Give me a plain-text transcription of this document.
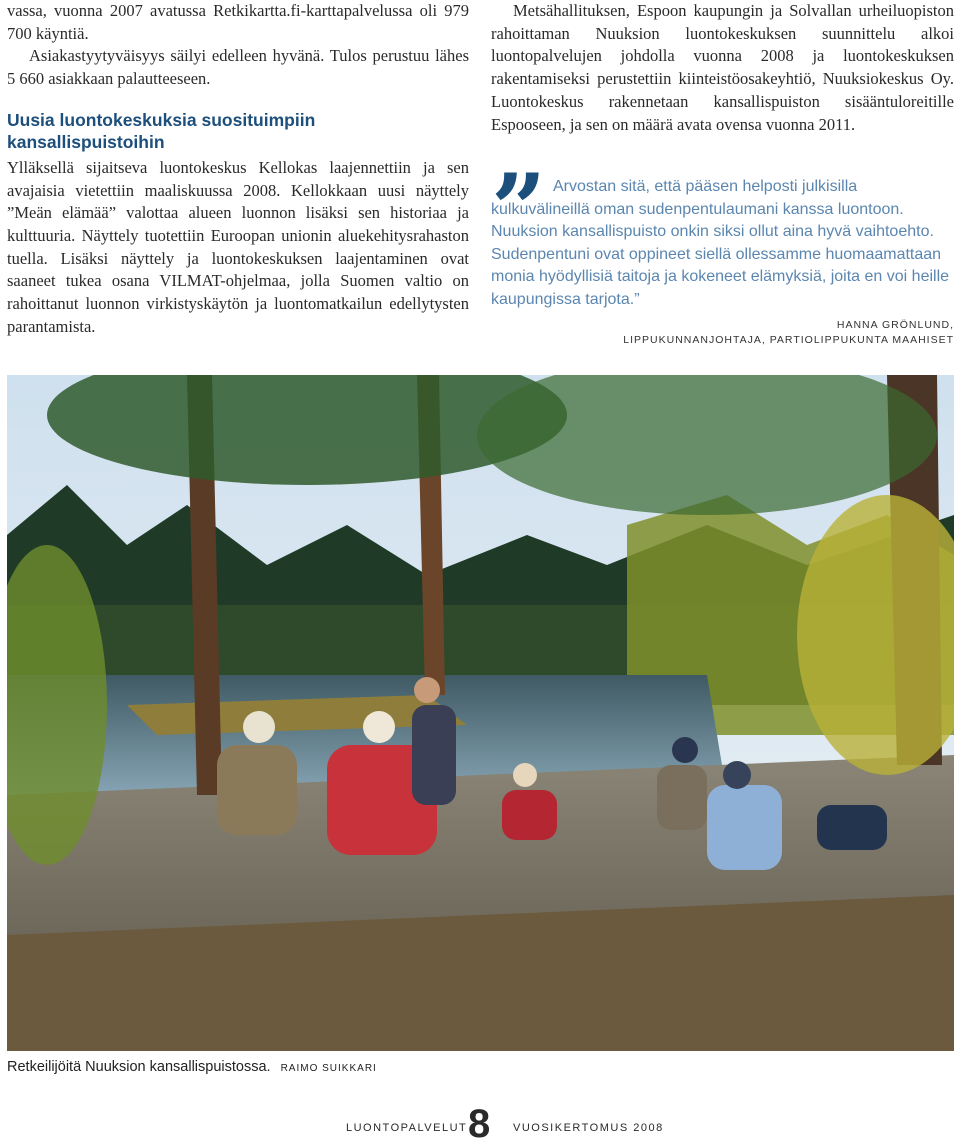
vassa, vuonna 2007 avatussa Retkikartta.fi-karttapalvelussa oli 979 700 käyntiä.

Asiakastyytyväisyys säilyi edelleen hyvänä. Tulos perustuu lähes 5 660 asiakkaan palautteeseen.

Uusia luontokeskuksia suosituimpiin kansallispuistoihin

Ylläksellä sijaitseva luontokeskus Kellokas laajennettiin ja sen avajaisia vietettiin maaliskuussa 2008. Kellokkaan uusi näyttely ”Meän elämää” valottaa alueen luonnon lisäksi sen historiaa ja kulttuuria. Näyttely tuotettiin Euroopan unionin aluekehitysrahaston tuella. Lisäksi näyttely ja luontokeskuksen laajentaminen ovat saaneet tukea osana VILMAT-ohjelmaa, jolla Suomen valtio on rahoittanut luonnon virkistyskäytön ja luontomatkailun edellytysten parantamista.

Metsähallituksen, Espoon kaupungin ja Solvallan urheiluopiston rahoittaman Nuuksion luontokeskuksen suunnittelu alkoi luontopalvelujen johdolla vuonna 2008 ja luontokeskuksen rakentamiseksi perustettiin kiinteistöosakeyhtiö, Nuuksiokeskus Oy. Luontokeskus rakennetaan kansallispuiston sisääntuloreitille Espooseen, ja sen on määrä avata ovensa vuonna 2011.

” Arvostan sitä, että pääsen helposti julkisilla kulkuvälineillä oman sudenpentulaumani kanssa luontoon. Nuuksion kansallispuisto onkin siksi ollut aina hyvä vaihtoehto. Sudenpentuni ovat oppineet siellä ollessamme huomaamattaan monia hyödyllisiä taitoja ja kokeneet elämyksiä, joita en voi heille kaupungissa tarjota.”

HANNA GRÖNLUND,
LIPPUKUNNANJOHTAJA, PARTIOLIPPUKUNTA MAAHISET
Retkeilijöitä Nuuksion kansallispuistossa. RAIMO SUIKKARI
LUONTOPALVELUT 8 VUOSIKERTOMUS 2008
